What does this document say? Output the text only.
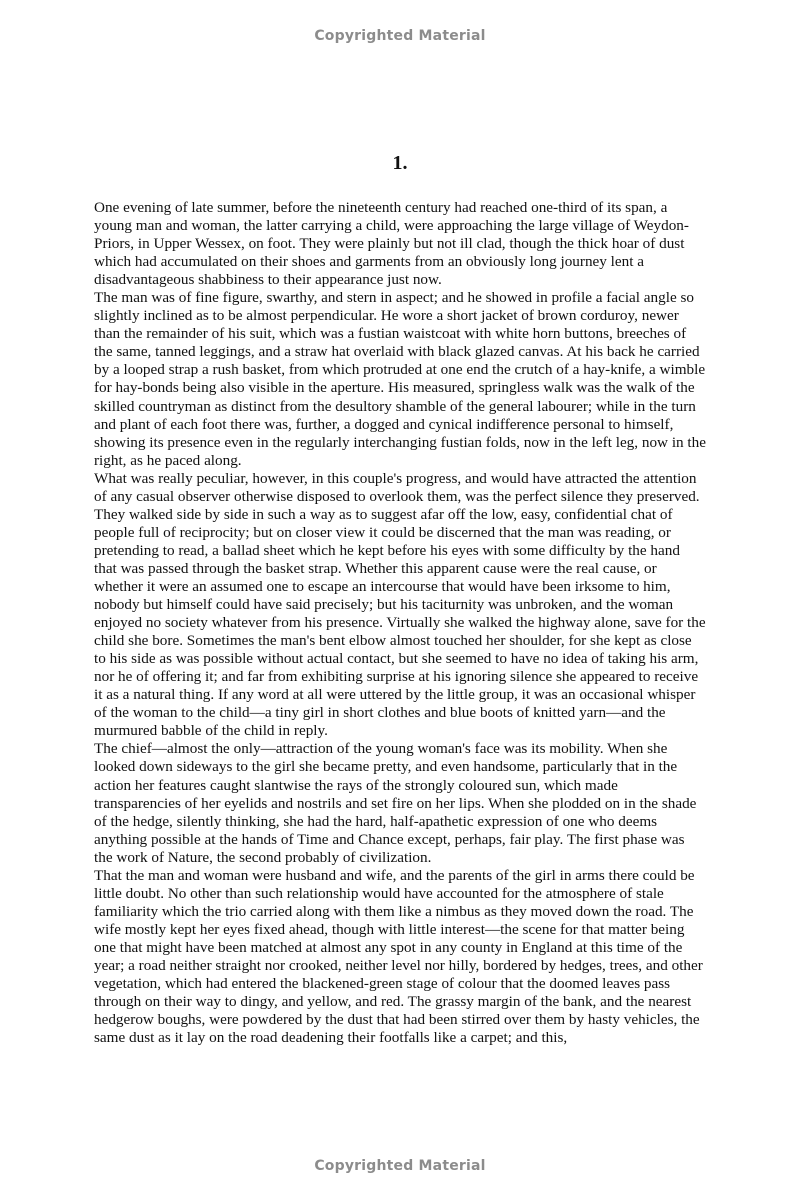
Copyrighted Material
1.

One evening of late summer, before the nineteenth century had reached one-third of its span, a young man and woman, the latter carrying a child, were approaching the large village of Weydon-Priors, in Upper Wessex, on foot. They were plainly but not ill clad, though the thick hoar of dust which had accumulated on their shoes and garments from an obviously long journey lent a disadvantageous shabbiness to their appearance just now.

The man was of fine figure, swarthy, and stern in aspect; and he showed in profile a facial angle so slightly inclined as to be almost perpendicular. He wore a short jacket of brown corduroy, newer than the remainder of his suit, which was a fustian waistcoat with white horn buttons, breeches of the same, tanned leggings, and a straw hat overlaid with black glazed canvas. At his back he carried by a looped strap a rush basket, from which protruded at one end the crutch of a hay-knife, a wimble for hay-bonds being also visible in the aperture. His measured, springless walk was the walk of the skilled countryman as distinct from the desultory shamble of the general labourer; while in the turn and plant of each foot there was, further, a dogged and cynical indifference personal to himself, showing its presence even in the regularly interchanging fustian folds, now in the left leg, now in the right, as he paced along.

What was really peculiar, however, in this couple's progress, and would have attracted the attention of any casual observer otherwise disposed to overlook them, was the perfect silence they preserved. They walked side by side in such a way as to suggest afar off the low, easy, confidential chat of people full of reciprocity; but on closer view it could be discerned that the man was reading, or pretending to read, a ballad sheet which he kept before his eyes with some difficulty by the hand that was passed through the basket strap. Whether this apparent cause were the real cause, or whether it were an assumed one to escape an intercourse that would have been irksome to him, nobody but himself could have said precisely; but his taciturnity was unbroken, and the woman enjoyed no society whatever from his presence. Virtually she walked the highway alone, save for the child she bore. Sometimes the man's bent elbow almost touched her shoulder, for she kept as close to his side as was possible without actual contact, but she seemed to have no idea of taking his arm, nor he of offering it; and far from exhibiting surprise at his ignoring silence she appeared to receive it as a natural thing. If any word at all were uttered by the little group, it was an occasional whisper of the woman to the child—a tiny girl in short clothes and blue boots of knitted yarn—and the murmured babble of the child in reply.

The chief—almost the only—attraction of the young woman's face was its mobility. When she looked down sideways to the girl she became pretty, and even handsome, particularly that in the action her features caught slantwise the rays of the strongly coloured sun, which made transparencies of her eyelids and nostrils and set fire on her lips. When she plodded on in the shade of the hedge, silently thinking, she had the hard, half-apathetic expression of one who deems anything possible at the hands of Time and Chance except, perhaps, fair play. The first phase was the work of Nature, the second probably of civilization.

That the man and woman were husband and wife, and the parents of the girl in arms there could be little doubt. No other than such relationship would have accounted for the atmosphere of stale familiarity which the trio carried along with them like a nimbus as they moved down the road. The wife mostly kept her eyes fixed ahead, though with little interest—the scene for that matter being one that might have been matched at almost any spot in any county in England at this time of the year; a road neither straight nor crooked, neither level nor hilly, bordered by hedges, trees, and other vegetation, which had entered the blackened-green stage of colour that the doomed leaves pass through on their way to dingy, and yellow, and red. The grassy margin of the bank, and the nearest hedgerow boughs, were powdered by the dust that had been stirred over them by hasty vehicles, the same dust as it lay on the road deadening their footfalls like a carpet; and this,

Copyrighted Material
